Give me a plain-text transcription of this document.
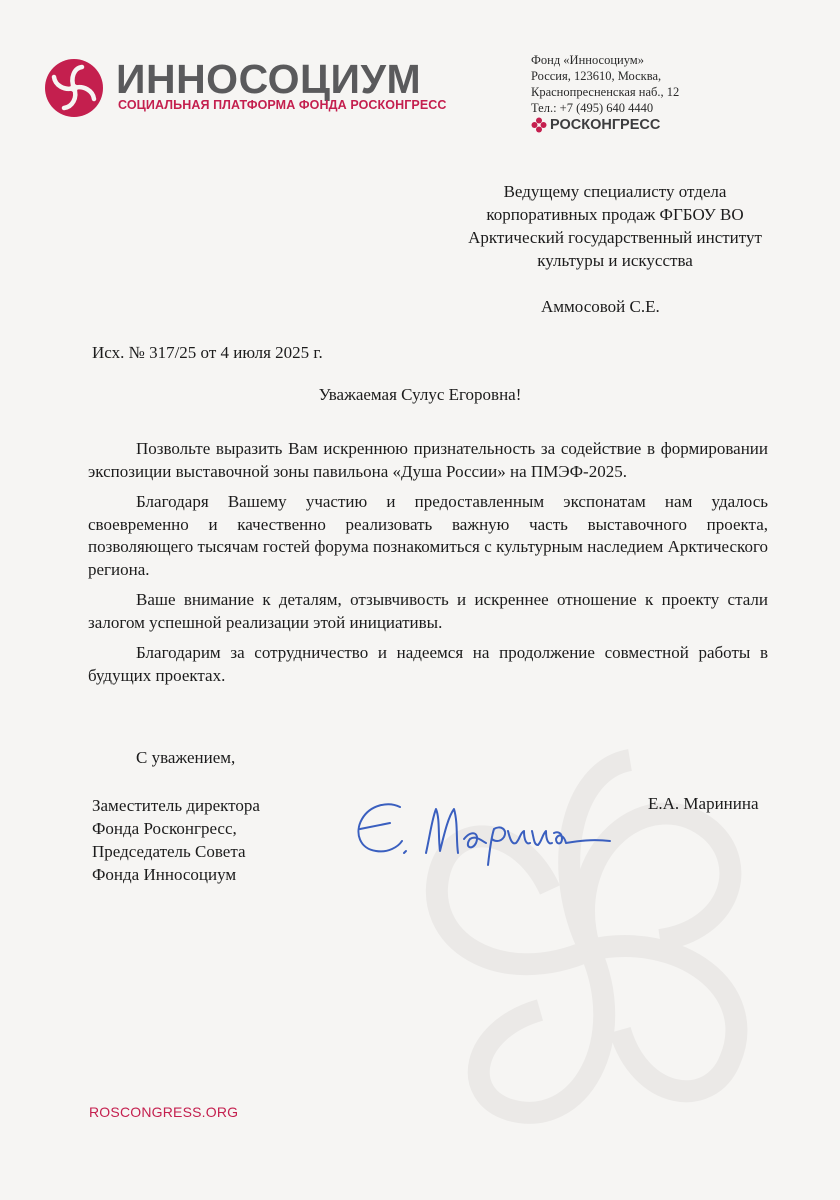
ИННОСОЦИУМ
СОЦИАЛЬНАЯ ПЛАТФОРМА ФОНДА РОСКОНГРЕСС
Фонд «Инносоциум»
Россия, 123610, Москва,
Краснопресненская наб., 12
Тел.: +7 (495) 640 4440
РОСКОНГРЕСС
Ведущему специалисту отдела
корпоративных продаж ФГБОУ ВО
Арктический государственный институт
культуры и искусства
Аммосовой С.Е.
Исх. № 317/25 от 4 июля 2025 г.
Уважаемая Сулус Егоровна!

Позвольте выразить Вам искреннюю признательность за содействие в формировании экспозиции выставочной зоны павильона «Душа России» на ПМЭФ-2025.

Благодаря Вашему участию и предоставленным экспонатам нам удалось своевременно и качественно реализовать важную часть выставочного проекта, позволяющего тысячам гостей форума познакомиться с культурным наследием Арктического региона.

Ваше внимание к деталям, отзывчивость и искреннее отношение к проекту стали залогом успешной реализации этой инициативы.

Благодарим за сотрудничество и надеемся на продолжение совместной работы в будущих проектах.

С уважением,
Заместитель директора
Фонда Росконгресс,
Председатель Совета
Фонда Инносоциум
Е.А. Маринина
ROSCONGRESS.ORG
